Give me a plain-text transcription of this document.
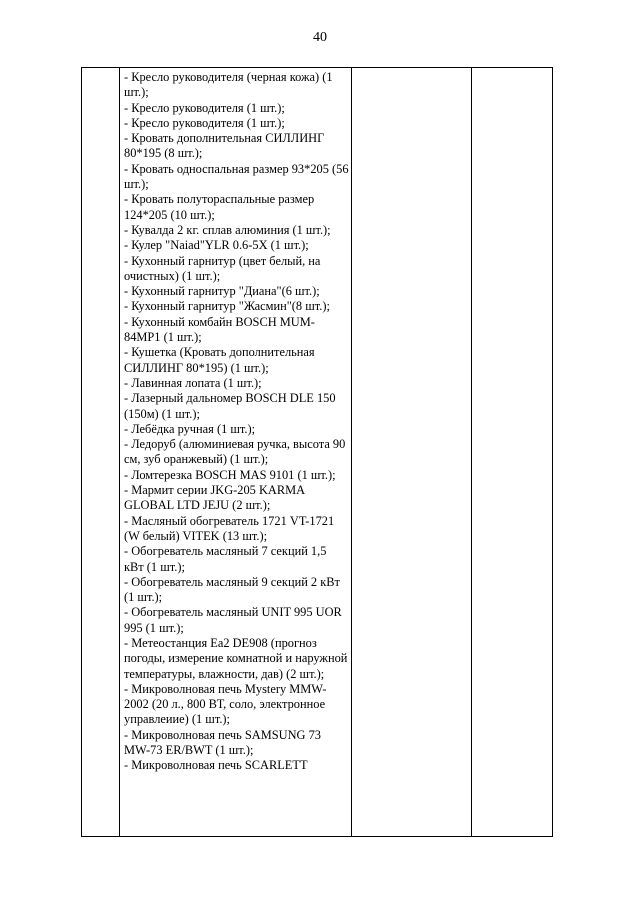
40

- Кресло руководителя (черная кожа) (1 шт.);
- Кресло руководителя (1 шт.);
- Кресло руководителя (1 шт.);
- Кровать дополнительная СИЛЛИНГ 80*195 (8 шт.);
- Кровать односпальная размер 93*205 (56 шт.);
- Кровать полутораспальные размер 124*205 (10 шт.);
- Кувалда 2 кг. сплав алюминия (1 шт.);
- Кулер "Naiad"YLR 0.6-5X (1 шт.);
- Кухонный гарнитур (цвет белый, на очистных) (1 шт.);
- Кухонный гарнитур "Диана"(6 шт.);
- Кухонный гарнитур "Жасмин"(8 шт.);
- Кухонный комбайн BOSCH MUM-84MP1 (1 шт.);
- Кушетка (Кровать дополнительная СИЛЛИНГ 80*195) (1 шт.);
- Лавинная лопата (1 шт.);
- Лазерный дальномер BOSCH DLE 150 (150м) (1 шт.);
- Лебёдка ручная (1 шт.);
- Ледоруб (алюминиевая ручка, высота 90 см, зуб оранжевый) (1 шт.);
- Ломтерезка BOSCH MAS 9101 (1 шт.);
- Мармит серии JKG-205 KARMA GLOBAL LTD JEJU (2 шт.);
- Масляный обогреватель 1721 VT-1721 (W белый) VITEK (13 шт.);
- Обогреватель масляный 7 секций 1,5 кВт (1 шт.);
- Обогреватель масляный 9 секций 2 кВт (1 шт.);
- Обогреватель масляный UNIT 995 UOR 995 (1 шт.);
- Метеостанция Ea2 DE908 (прогноз погоды, измерение комнатной и наружной температуры, влажности, дав) (2 шт.);
- Микроволновая печь Mystery MMW-2002 (20 л., 800 ВТ, соло, электронное управлеиие) (1 шт.);
- Микроволновая печь SAMSUNG 73 MW-73 ER/BWT (1 шт.);
- Микроволновая печь SCARLETT
